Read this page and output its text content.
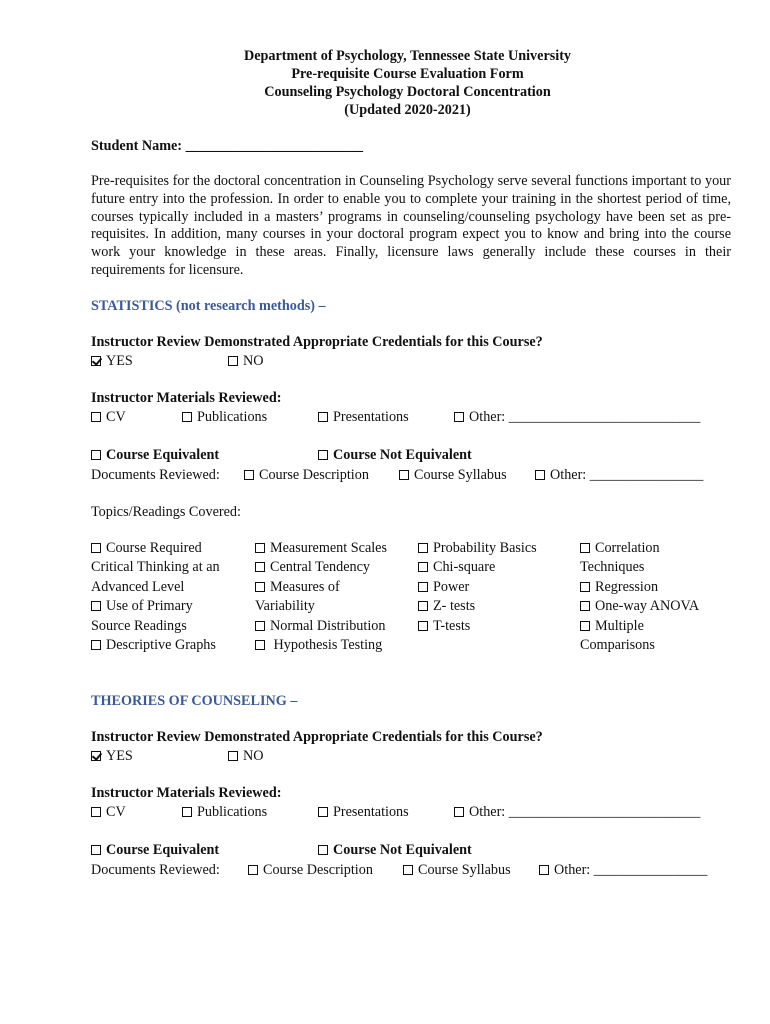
Department of Psychology, Tennessee State University
Pre-requisite Course Evaluation Form
Counseling Psychology Doctoral Concentration
(Updated 2020-2021)
Student Name: _________________________
Pre-requisites for the doctoral concentration in Counseling Psychology serve several functions important to your future entry into the profession. In order to enable you to complete your training in the shortest period of time, courses typically included in a masters’ programs in counseling/counseling psychology have been set as pre-requisites. In addition, many courses in your doctoral program expect you to know and bring into the course work your knowledge in these areas. Finally, licensure laws generally include these courses in their requirements for licensure.
STATISTICS (not research methods) –
Instructor Review Demonstrated Appropriate Credentials for this Course?
YES	NO
Instructor Materials Reviewed:
CV	Publications	Presentations	Other: ___________________________
Course Equivalent	Course Not Equivalent
Documents Reviewed:	Course Description	Course Syllabus	Other: ________________
Topics/Readings Covered:
Course Required
Critical Thinking at an
Advanced Level
Use of Primary
Source Readings
Descriptive Graphs
Measurement Scales
Central Tendency
Measures of
Variability
Normal Distribution
Hypothesis Testing
Probability Basics
Chi-square
Power
Z- tests
T-tests
Correlation
Techniques
Regression
One-way ANOVA
Multiple
Comparisons
THEORIES OF COUNSELING –
Instructor Review Demonstrated Appropriate Credentials for this Course?
YES	NO
Instructor Materials Reviewed:
CV	Publications	Presentations	Other: ___________________________
Course Equivalent	Course Not Equivalent
Documents Reviewed:	Course Description	Course Syllabus	Other: ________________
